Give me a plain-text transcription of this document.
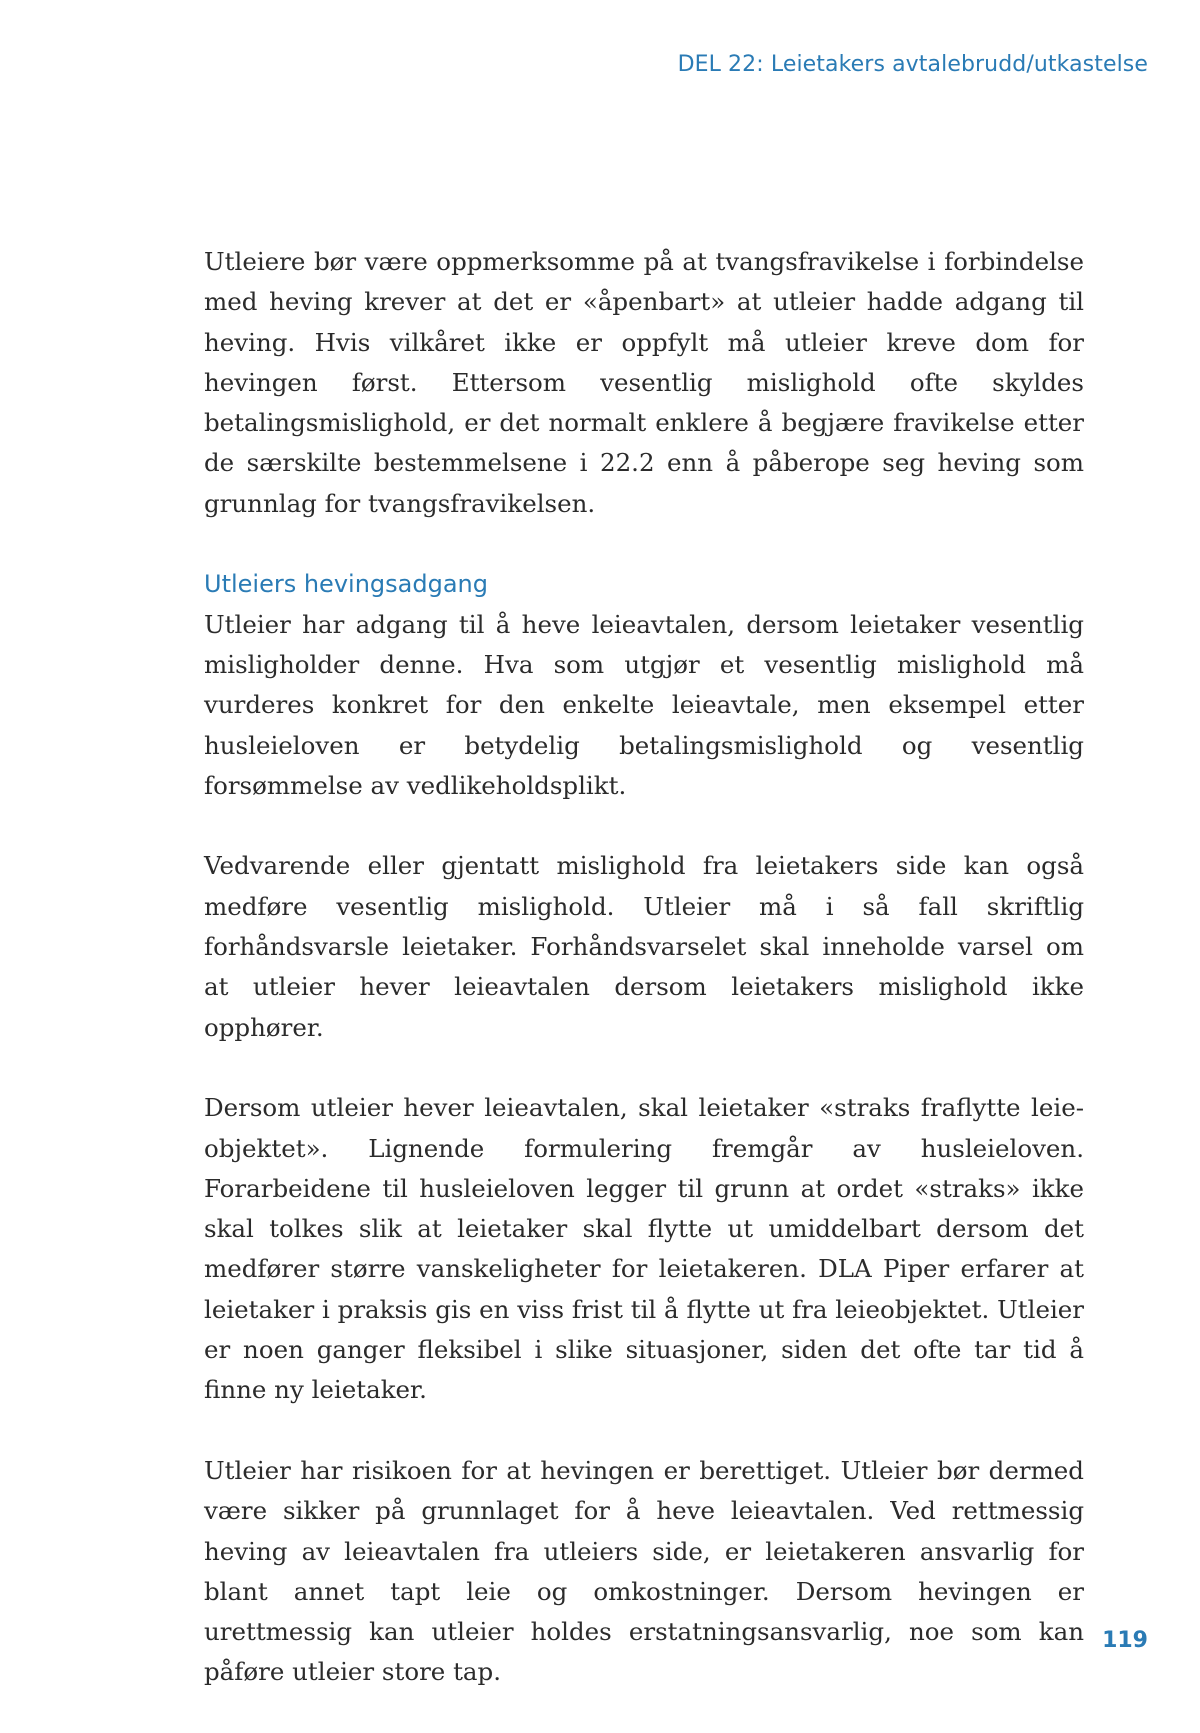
DEL 22: Leietakers avtalebrudd/utkastelse

Utleiere bør være oppmerksomme på at tvangsfravikelse i forbindelse med heving krever at det er «åpenbart» at utleier hadde adgang til heving. Hvis vilkåret ikke er oppfylt må utleier kreve dom for hevingen først. Ettersom vesentlig mislighold ofte skyldes betalingsmislighold, er det normalt enklere å begjære fravikelse etter de særskilte bestemmelsene i 22.2 enn å påberope seg heving som grunnlag for tvangsfravikelsen.

Utleiers hevingsadgang

Utleier har adgang til å heve leieavtalen, dersom leietaker vesentlig misligholder denne. Hva som utgjør et vesentlig mislighold må vurderes konkret for den enkelte leieavtale, men eksempel etter husleieloven er betydelig betalingsmislighold og vesentlig forsømmelse av vedlikeholdsplikt.

Vedvarende eller gjentatt mislighold fra leietakers side kan også medføre vesentlig mislighold. Utleier må i så fall skriftlig forhåndsvarsle leietaker. Forhåndsvarselet skal inneholde varsel om at utleier hever leieavtalen dersom leietakers mislighold ikke opphører.

Dersom utleier hever leieavtalen, skal leietaker «straks fraflytte leieobjektet». Lignende formulering fremgår av husleieloven. Forarbeidene til husleieloven legger til grunn at ordet «straks» ikke skal tolkes slik at leietaker skal flytte ut umiddelbart dersom det medfører større vanskeligheter for leietakeren. DLA Piper erfarer at leietaker i praksis gis en viss frist til å flytte ut fra leieobjektet. Utleier er noen ganger fleksibel i slike situasjoner, siden det ofte tar tid å finne ny leietaker.

Utleier har risikoen for at hevingen er berettiget. Utleier bør dermed være sikker på grunnlaget for å heve leieavtalen. Ved rettmessig heving av leieavtalen fra utleiers side, er leietakeren ansvarlig for blant annet tapt leie og omkostninger. Dersom hevingen er urettmessig kan utleier holdes erstatningsansvarlig, noe som kan påføre utleier store tap.

119
